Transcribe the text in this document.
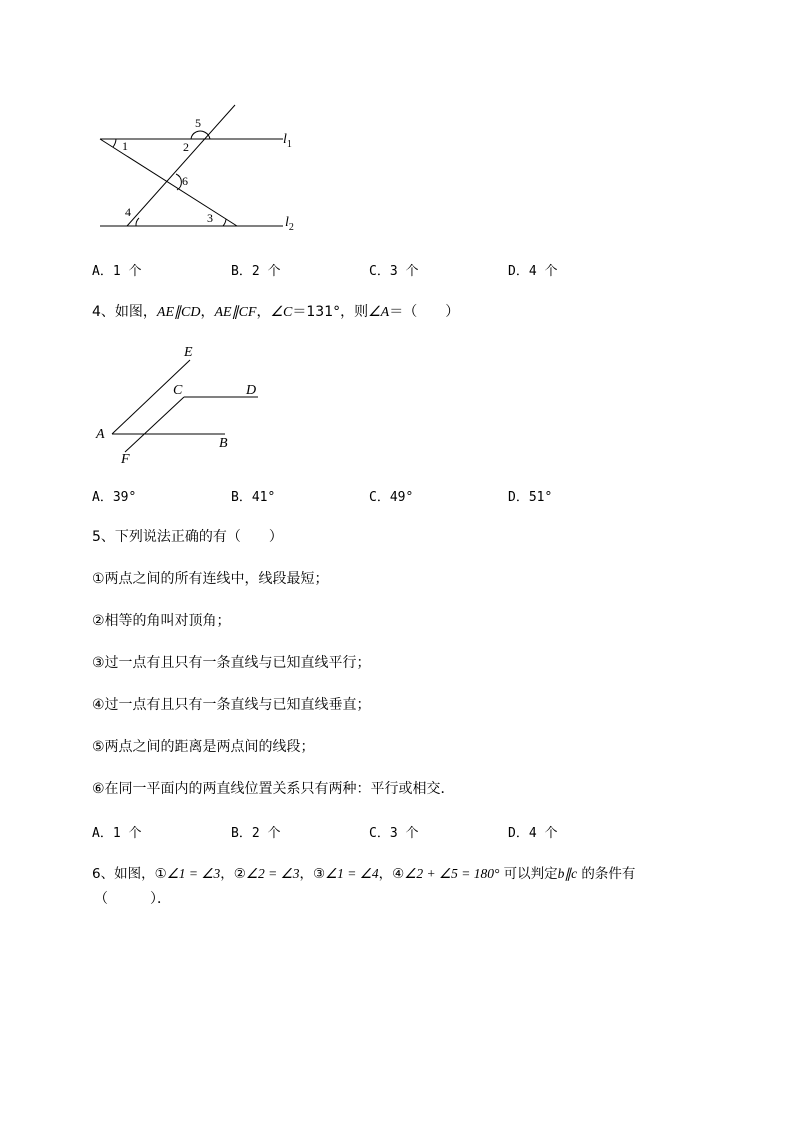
1	2
3
4
5
6
$l_1$
$l_2$
A．1 个	B．2 个	C．3 个	D．4 个
4、如图，AE∥CD，AE∥CF，∠C＝131°，则∠A＝（　　）
E
C	D
A
B
F
A．39°	B．41°	C．49°	D．51°
5、下列说法正确的有（　　）
①两点之间的所有连线中，线段最短；
②相等的角叫对顶角；
③过一点有且只有一条直线与已知直线平行；
④过一点有且只有一条直线与已知直线垂直；
⑤两点之间的距离是两点间的线段；
⑥在同一平面内的两直线位置关系只有两种：平行或相交．
A．1 个	B．2 个	C．3 个	D．4 个
6、如图，①∠1 = ∠3，②∠2 = ∠3，③∠1 = ∠4，④∠2 + ∠5 = 180° 可以判定b∥c 的条件有
（　　　）．
